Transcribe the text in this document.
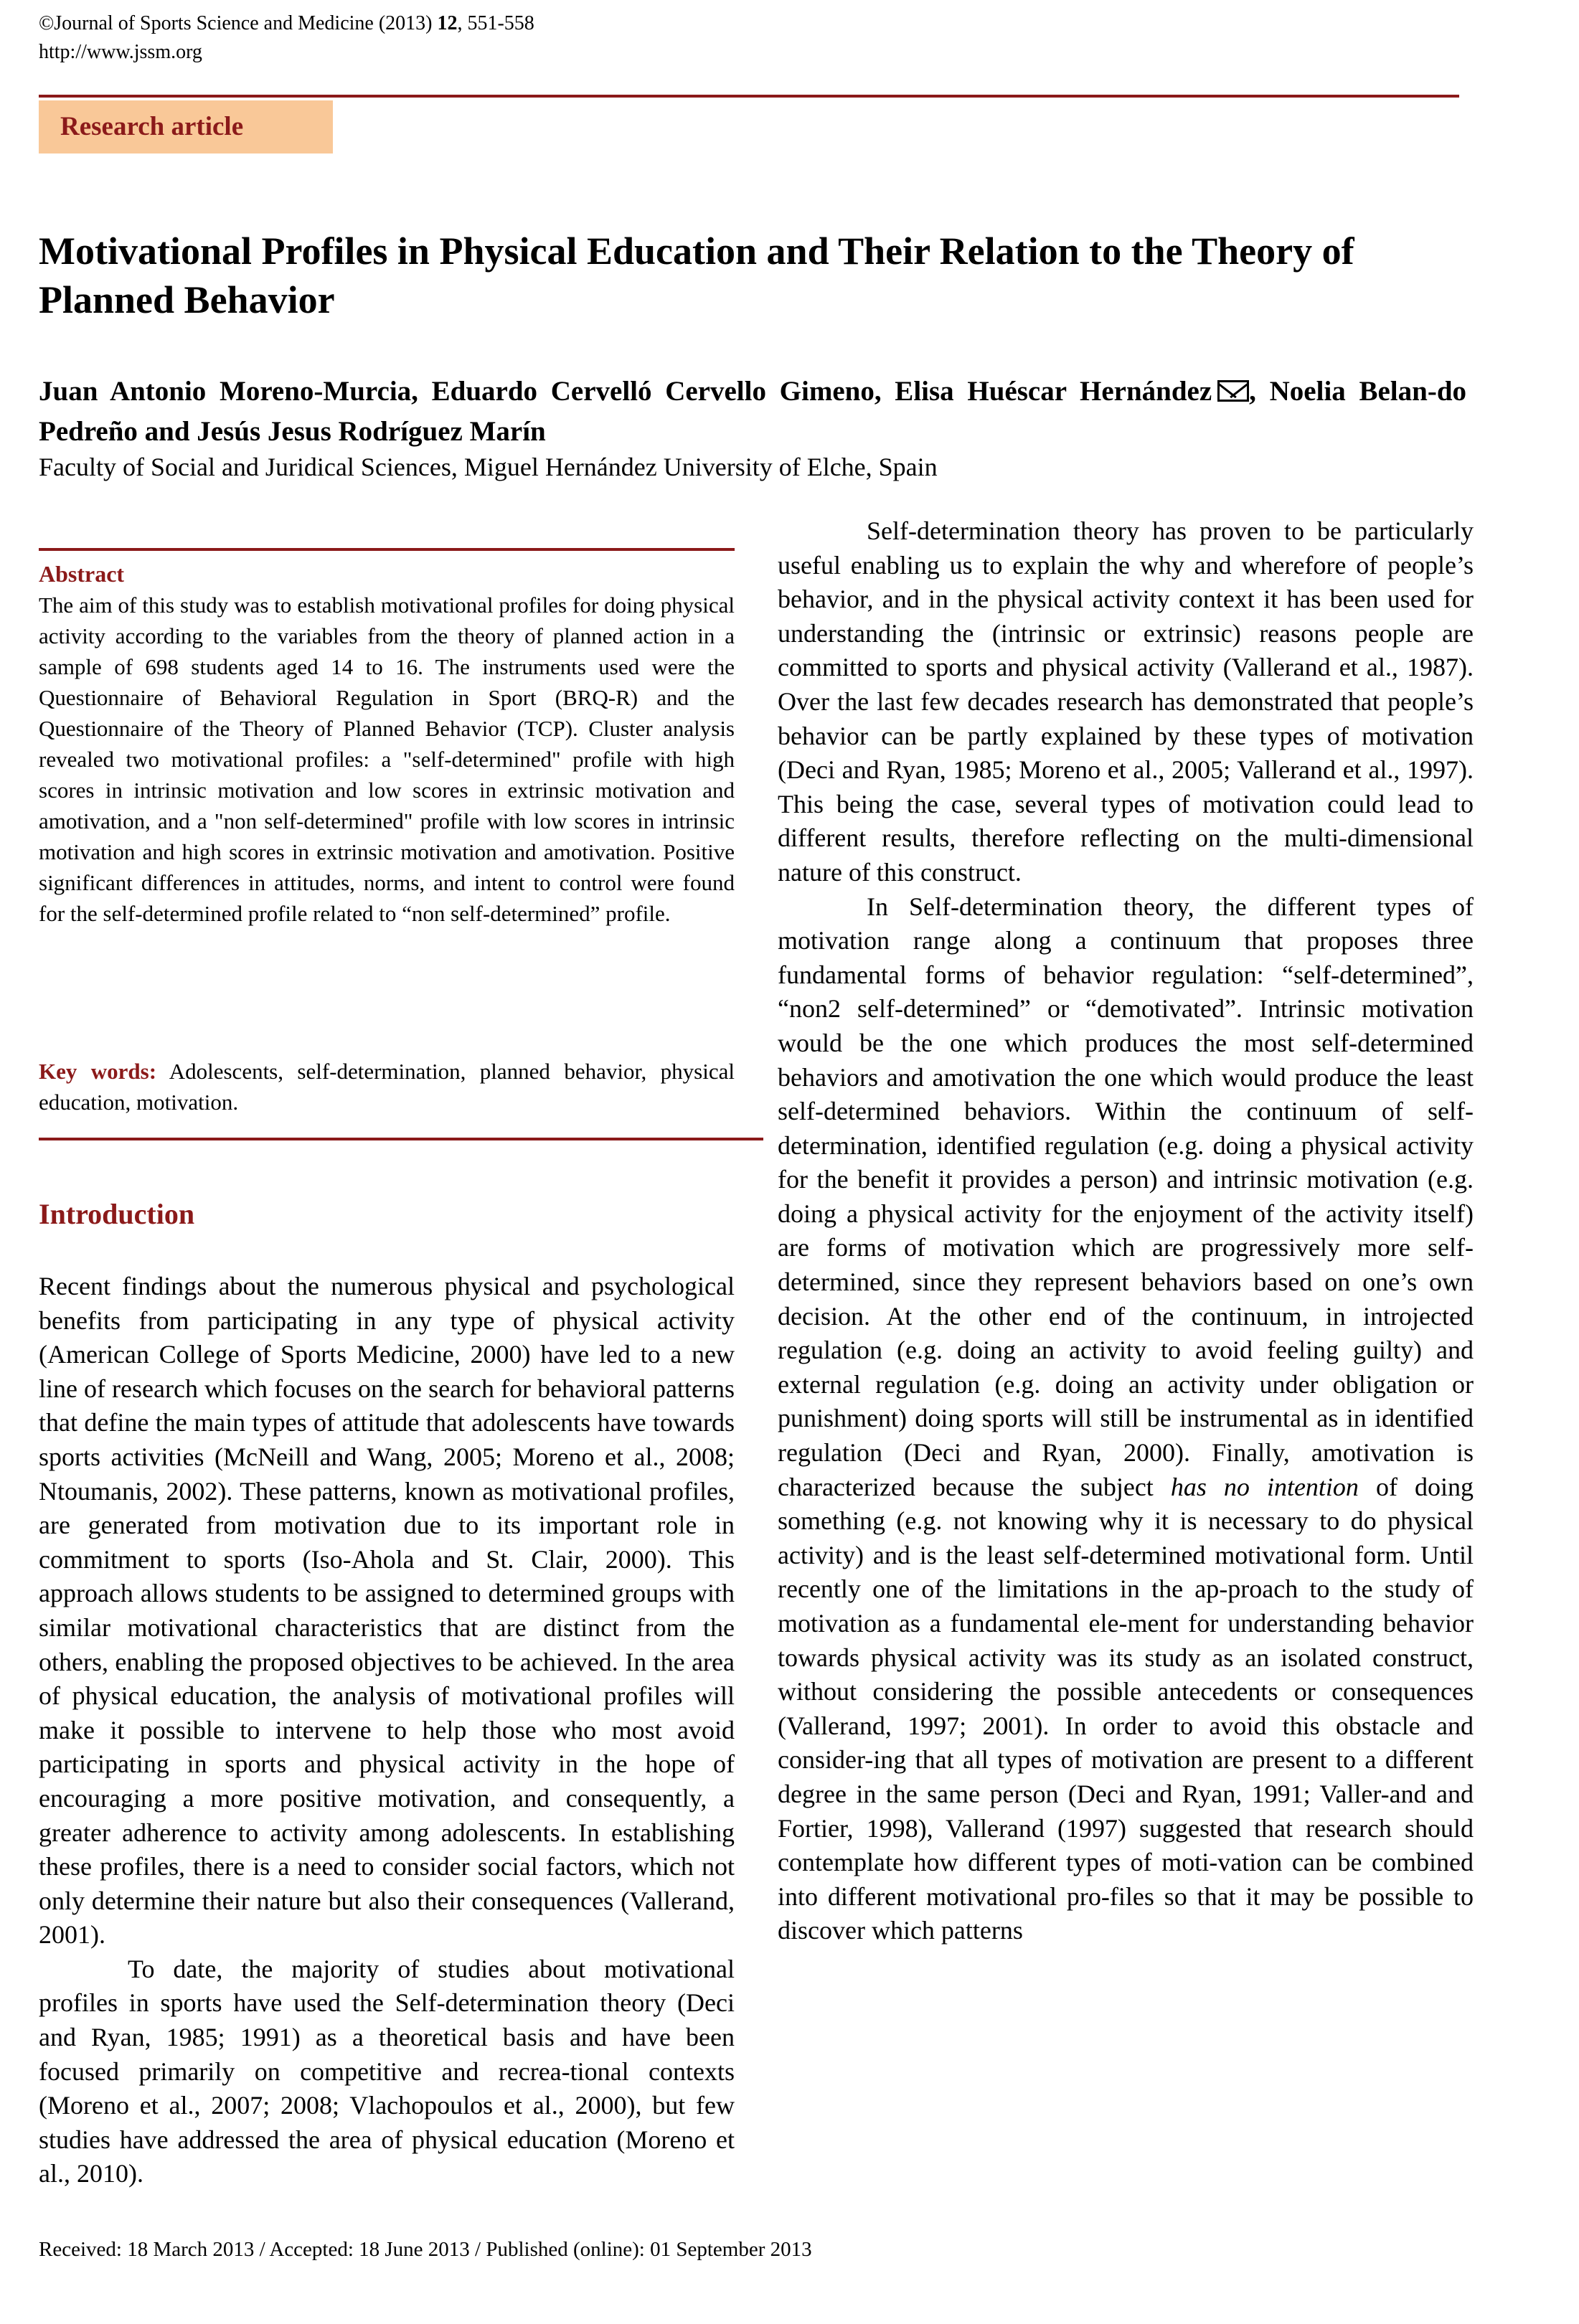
©Journal of Sports Science and Medicine (2013) 12, 551-558
http://www.jssm.org
Research article
Motivational Profiles in Physical Education and Their Relation to the Theory of Planned Behavior
Juan Antonio Moreno-Murcia, Eduardo Cervelló Cervello Gimeno, Elisa Huéscar Hernández , Noelia Belan-do Pedreño and Jesús Jesus Rodríguez Marín
Faculty of Social and Juridical Sciences, Miguel Hernández University of Elche, Spain
Abstract

The aim of this study was to establish motivational profiles for doing physical activity according to the variables from the theory of planned action in a sample of 698 students aged 14 to 16. The instruments used were the Questionnaire of Behavioral Regulation in Sport (BRQ-R) and the Questionnaire of the Theory of Planned Behavior (TCP). Cluster analysis revealed two motivational profiles: a "self-determined" profile with high scores in intrinsic motivation and low scores in extrinsic motivation and amotivation, and a "non self-determined" profile with low scores in intrinsic motivation and high scores in extrinsic motivation and amotivation. Positive significant differences in attitudes, norms, and intent to control were found for the self-determined profile related to “non self-determined” profile.

Key words: Adolescents, self-determination, planned behavior, physical education, motivation.

Introduction

Recent findings about the numerous physical and psychological benefits from participating in any type of physical activity (American College of Sports Medicine, 2000) have led to a new line of research which focuses on the search for behavioral patterns that define the main types of attitude that adolescents have towards sports activities (McNeill and Wang, 2005; Moreno et al., 2008; Ntoumanis, 2002). These patterns, known as motivational profiles, are generated from motivation due to its important role in commitment to sports (Iso-Ahola and St. Clair, 2000). This approach allows students to be assigned to determined groups with similar motivational characteristics that are distinct from the others, enabling the proposed objectives to be achieved. In the area of physical education, the analysis of motivational profiles will make it possible to intervene to help those who most avoid participating in sports and physical activity in the hope of encouraging a more positive motivation, and consequently, a greater adherence to activity among adolescents. In establishing these profiles, there is a need to consider social factors, which not only determine their nature but also their consequences (Vallerand, 2001).

To date, the majority of studies about motivational profiles in sports have used the Self-determination theory (Deci and Ryan, 1985; 1991) as a theoretical basis and have been focused primarily on competitive and recrea-tional contexts (Moreno et al., 2007; 2008; Vlachopoulos et al., 2000), but few studies have addressed the area of physical education (Moreno et al., 2010).

Self-determination theory has proven to be particularly useful enabling us to explain the why and wherefore of people’s behavior, and in the physical activity context it has been used for understanding the (intrinsic or extrinsic) reasons people are committed to sports and physical activity (Vallerand et al., 1987). Over the last few decades research has demonstrated that people’s behavior can be partly explained by these types of motivation (Deci and Ryan, 1985; Moreno et al., 2005; Vallerand et al., 1997). This being the case, several types of motivation could lead to different results, therefore reflecting on the multi-dimensional nature of this construct.

In Self-determination theory, the different types of motivation range along a continuum that proposes three fundamental forms of behavior regulation: “self-determined”, “non2 self-determined” or “demotivated”. Intrinsic motivation would be the one which produces the most self-determined behaviors and amotivation the one which would produce the least self-determined behaviors. Within the continuum of self-determination, identified regulation (e.g. doing a physical activity for the benefit it provides a person) and intrinsic motivation (e.g. doing a physical activity for the enjoyment of the activity itself) are forms of motivation which are progressively more self-determined, since they represent behaviors based on one’s own decision. At the other end of the continuum, in introjected regulation (e.g. doing an activity to avoid feeling guilty) and external regulation (e.g. doing an activity under obligation or punishment) doing sports will still be instrumental as in identified regulation (Deci and Ryan, 2000). Finally, amotivation is characterized because the subject has no intention of doing something (e.g. not knowing why it is necessary to do physical activity) and is the least self-determined motivational form. Until recently one of the limitations in the ap-proach to the study of motivation as a fundamental ele-ment for understanding behavior towards physical activity was its study as an isolated construct, without considering the possible antecedents or consequences (Vallerand, 1997; 2001). In order to avoid this obstacle and consider-ing that all types of motivation are present to a different degree in the same person (Deci and Ryan, 1991; Valler-and and Fortier, 1998), Vallerand (1997) suggested that research should contemplate how different types of moti-vation can be combined into different motivational pro-files so that it may be possible to discover which patterns

Received: 18 March 2013 / Accepted: 18 June 2013 / Published (online): 01 September 2013
